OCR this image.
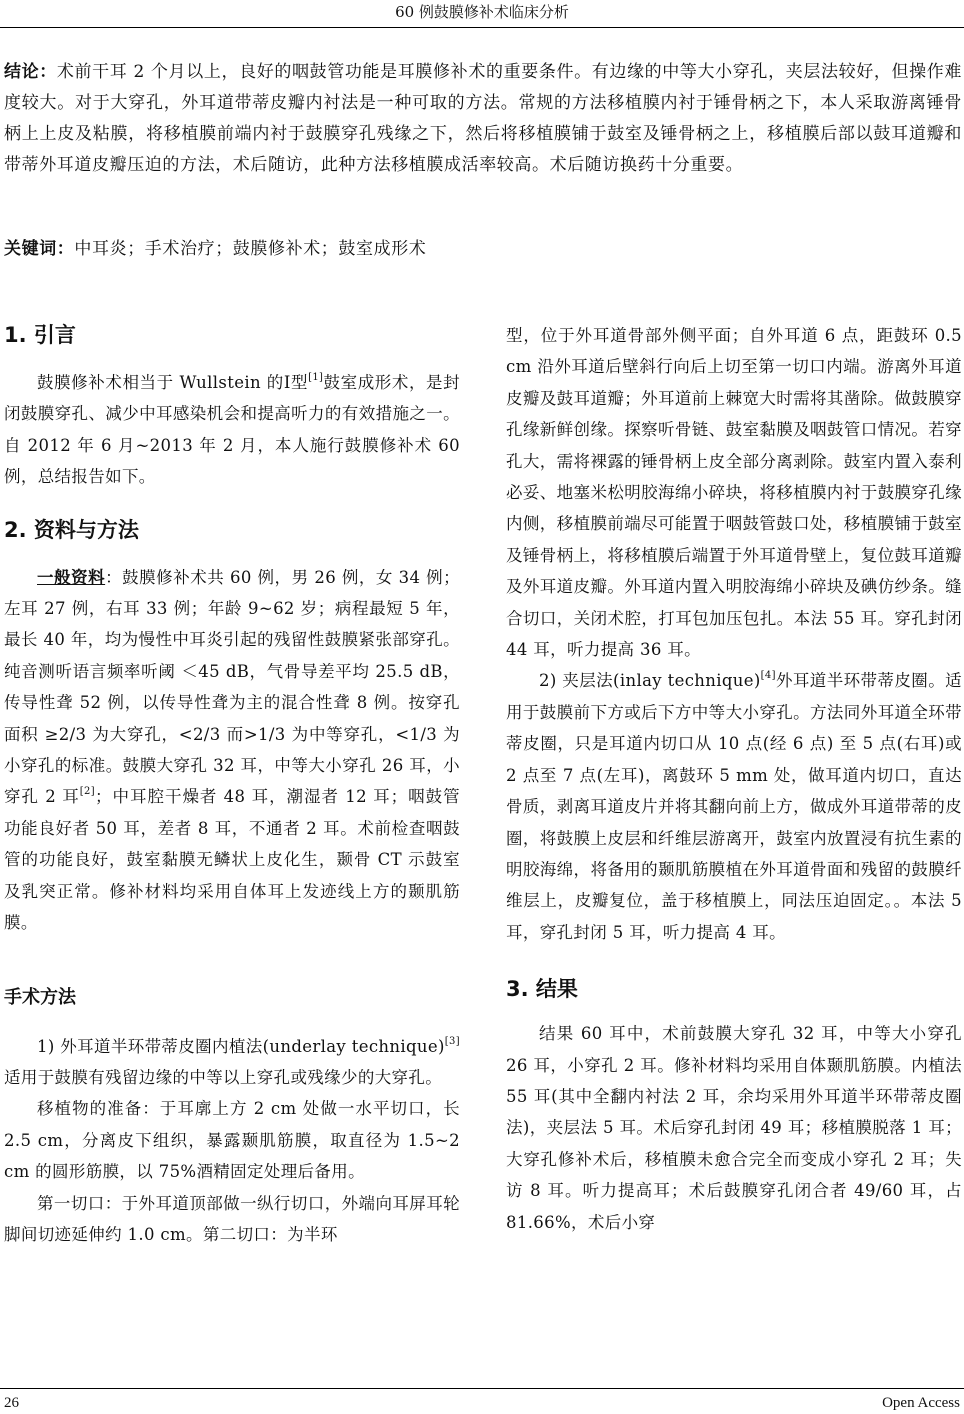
60 例鼓膜修补术临床分析
结论：术前干耳 2 个月以上，良好的咽鼓管功能是耳膜修补术的重要条件。有边缘的中等大小穿孔，夹层法较好，但操作难度较大。对于大穿孔，外耳道带蒂皮瓣内衬法是一种可取的方法。常规的方法移植膜内衬于锤骨柄之下，本人采取游离锤骨柄上上皮及粘膜，将移植膜前端内衬于鼓膜穿孔残缘之下，然后将移植膜铺于鼓室及锤骨柄之上，移植膜后部以鼓耳道瓣和带蒂外耳道皮瓣压迫的方法，术后随访，此种方法移植膜成活率较高。术后随访换药十分重要。
关键词：中耳炎；手术治疗；鼓膜修补术；鼓室成形术
1. 引言

鼓膜修补术相当于 Wullstein 的Ⅰ型[1]鼓室成形术，是封闭鼓膜穿孔、减少中耳感染机会和提高听力的有效措施之一。自 2012 年 6 月~2013 年 2 月，本人施行鼓膜修补术 60 例，总结报告如下。

2. 资料与方法

一般资料：鼓膜修补术共 60 例，男 26 例，女 34 例；左耳 27 例，右耳 33 例；年龄 9~62 岁；病程最短 5 年，最长 40 年，均为慢性中耳炎引起的残留性鼓膜紧张部穿孔。纯音测听语言频率听阈 ＜45 dB，气骨导差平均 25.5 dB，传导性聋 52 例，以传导性聋为主的混合性聋 8 例。按穿孔面积 ≥2/3 为大穿孔，<2/3 而>1/3 为中等穿孔，<1/3 为小穿孔的标准。鼓膜大穿孔 32 耳，中等大小穿孔 26 耳，小穿孔 2 耳[2]；中耳腔干燥者 48 耳，潮湿者 12 耳；咽鼓管功能良好者 50 耳，差者 8 耳，不通者 2 耳。术前检查咽鼓管的功能良好，鼓室黏膜无鳞状上皮化生，颞骨 CT 示鼓室及乳突正常。修补材料均采用自体耳上发迹线上方的颞肌筋膜。

手术方法

1) 外耳道半环带蒂皮圈内植法(underlay technique)[3]适用于鼓膜有残留边缘的中等以上穿孔或残缘少的大穿孔。

移植物的准备：于耳廓上方 2 cm 处做一水平切口，长 2.5 cm，分离皮下组织，暴露颞肌筋膜，取直径为 1.5~2 cm 的圆形筋膜，以 75%酒精固定处理后备用。

第一切口：于外耳道顶部做一纵行切口，外端向耳屏耳轮脚间切迹延伸约 1.0 cm。第二切口：为半环

型，位于外耳道骨部外侧平面；自外耳道 6 点，距鼓环 0.5 cm 沿外耳道后壁斜行向后上切至第一切口内端。游离外耳道皮瓣及鼓耳道瓣；外耳道前上棘宽大时需将其凿除。做鼓膜穿孔缘新鲜创缘。探察听骨链、鼓室黏膜及咽鼓管口情况。若穿孔大，需将裸露的锤骨柄上皮全部分离剥除。鼓室内置入泰利必妥、地塞米松明胶海绵小碎块，将移植膜内衬于鼓膜穿孔缘内侧，移植膜前端尽可能置于咽鼓管鼓口处，移植膜铺于鼓室及锤骨柄上，将移植膜后端置于外耳道骨壁上，复位鼓耳道瓣及外耳道皮瓣。外耳道内置入明胶海绵小碎块及碘仿纱条。缝合切口，关闭术腔，打耳包加压包扎。本法 55 耳。穿孔封闭 44 耳，听力提高 36 耳。

2) 夹层法(inlay technique)[4]外耳道半环带蒂皮圈。适用于鼓膜前下方或后下方中等大小穿孔。方法同外耳道全环带蒂皮圈，只是耳道内切口从 10 点(经 6 点) 至 5 点(右耳)或 2 点至 7 点(左耳)，离鼓环 5 mm 处，做耳道内切口，直达骨质，剥离耳道皮片并将其翻向前上方，做成外耳道带蒂的皮圈，将鼓膜上皮层和纤维层游离开，鼓室内放置浸有抗生素的明胶海绵，将备用的颞肌筋膜植在外耳道骨面和残留的鼓膜纤维层上，皮瓣复位，盖于移植膜上，同法压迫固定。。本法 5 耳，穿孔封闭 5 耳，听力提高 4 耳。

3. 结果

结果 60 耳中，术前鼓膜大穿孔 32 耳，中等大小穿孔 26 耳，小穿孔 2 耳。修补材料均采用自体颞肌筋膜。内植法 55 耳(其中全翻内衬法 2 耳，余均采用外耳道半环带蒂皮圈法)，夹层法 5 耳。术后穿孔封闭 49 耳；移植膜脱落 1 耳；大穿孔修补术后，移植膜未愈合完全而变成小穿孔 2 耳；失访 8 耳。听力提高耳；术后鼓膜穿孔闭合者 49/60 耳，占 81.66%，术后小穿

26	Open Access
